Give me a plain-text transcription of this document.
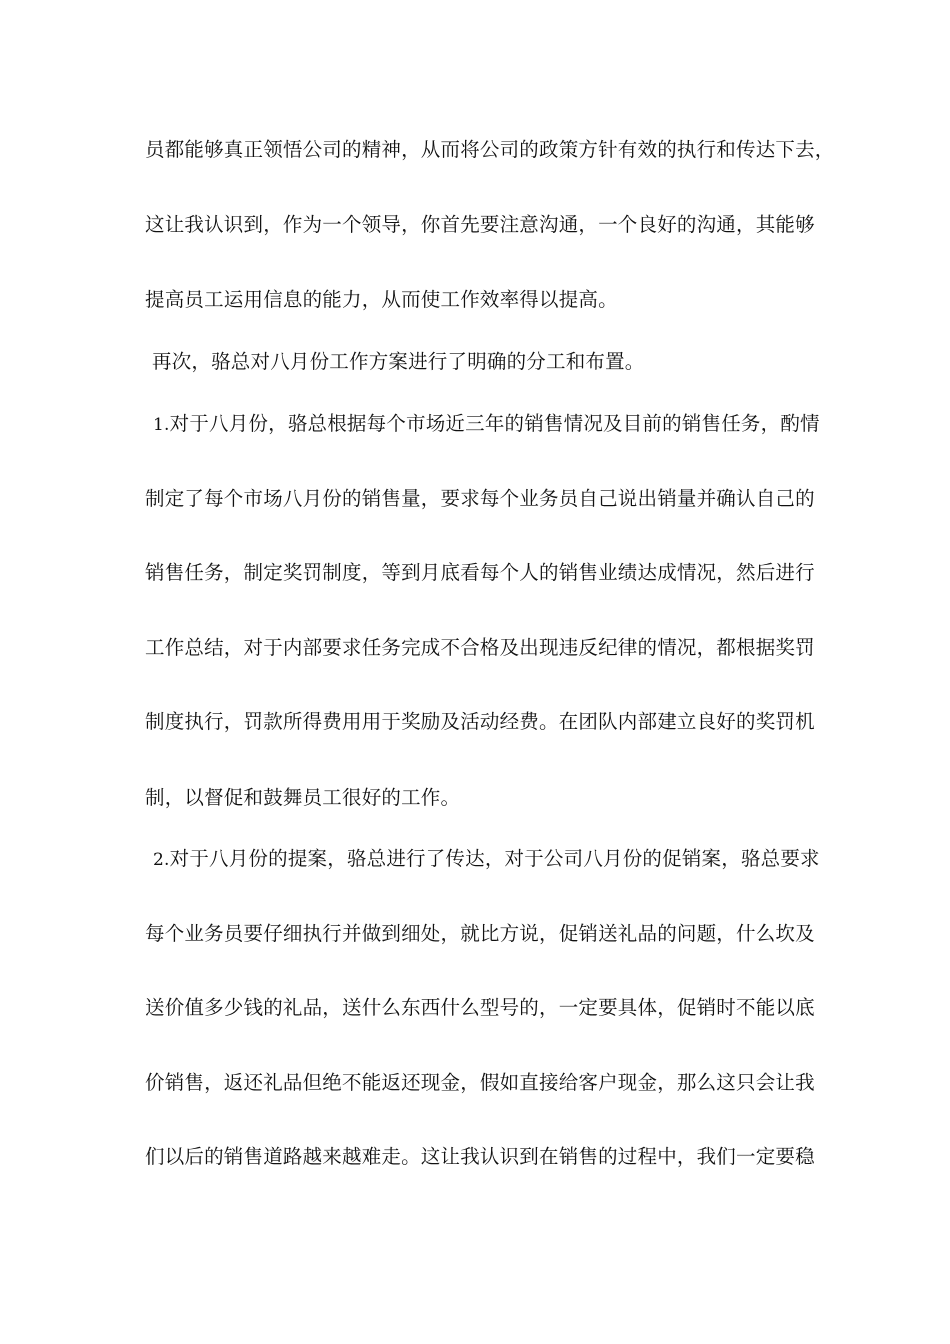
员都能够真正领悟公司的精神，从而将公司的政策方针有效的执行和传达下去，
这让我认识到，作为一个领导，你首先要注意沟通，一个良好的沟通，其能够
提高员工运用信息的能力，从而使工作效率得以提高。
再次，骆总对八月份工作方案进行了明确的分工和布置。
1.对于八月份，骆总根据每个市场近三年的销售情况及目前的销售任务，酌情
制定了每个市场八月份的销售量，要求每个业务员自己说出销量并确认自己的
销售任务，制定奖罚制度，等到月底看每个人的销售业绩达成情况，然后进行
工作总结，对于内部要求任务完成不合格及出现违反纪律的情况，都根据奖罚
制度执行，罚款所得费用用于奖励及活动经费。在团队内部建立良好的奖罚机
制，以督促和鼓舞员工很好的工作。
2.对于八月份的提案，骆总进行了传达，对于公司八月份的促销案，骆总要求
每个业务员要仔细执行并做到细处，就比方说，促销送礼品的问题，什么坎及
送价值多少钱的礼品，送什么东西什么型号的，一定要具体，促销时不能以底
价销售，返还礼品但绝不能返还现金，假如直接给客户现金，那么这只会让我
们以后的销售道路越来越难走。这让我认识到在销售的过程中，我们一定要稳
